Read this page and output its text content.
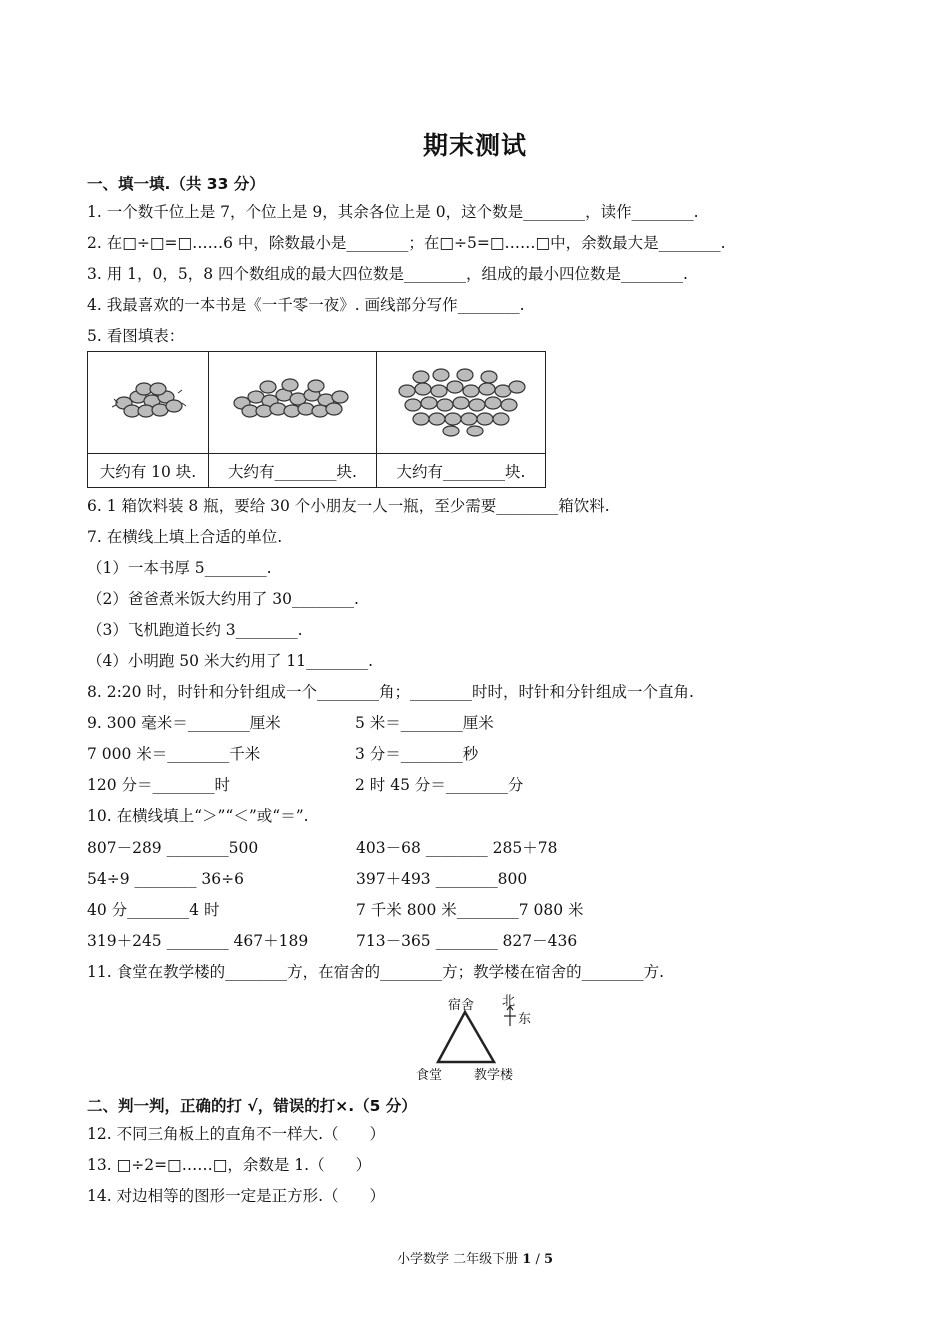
期末测试
一、填一填.（共 33 分）
1. 一个数千位上是 7，个位上是 9，其余各位上是 0，这个数是________，读作________.
2. 在□÷□=□……6 中，除数最小是________；在□÷5=□……□中，余数最大是________.
3. 用 1，0，5，8 四个数组成的最大四位数是________，组成的最小四位数是________.
4. 我最喜欢的一本书是《一千零一夜》. 画线部分写作________.
5. 看图填表：

大约有 10 块.	大约有________块.	大约有________块.
6. 1 箱饮料装 8 瓶，要给 30 个小朋友一人一瓶，至少需要________箱饮料.
7. 在横线上填上合适的单位.
（1）一本书厚 5________.
（2）爸爸煮米饭大约用了 30________.
（3）飞机跑道长约 3________.
（4）小明跑 50 米大约用了 11________.
8. 2:20 时，时针和分针组成一个________角；________时时，时针和分针组成一个直角.
9. 300 毫米＝________厘米	5 米＝________厘米
7 000 米＝________千米	3 分＝________秒
120 分＝________时	2 时 45 分＝________分
10. 在横线填上“＞”“＜”或“＝”.
807－289 ________500	403－68 ________ 285＋78
54÷9 ________ 36÷6	397＋493 ________800
40 分________4 时	7 千米 800 米________7 080 米
319＋245 ________ 467＋189	713－365 ________ 827－436
11. 食堂在教学楼的________方，在宿舍的________方；教学楼在宿舍的________方.
宿舍 北
东
食堂 教学楼
二、判一判，正确的打 √，错误的打×.（5 分）
12. 不同三角板上的直角不一样大.（　　）
13. □÷2=□……□，余数是 1.（　　）
14. 对边相等的图形一定是正方形.（　　）
小学数学 二年级下册 1 / 5
